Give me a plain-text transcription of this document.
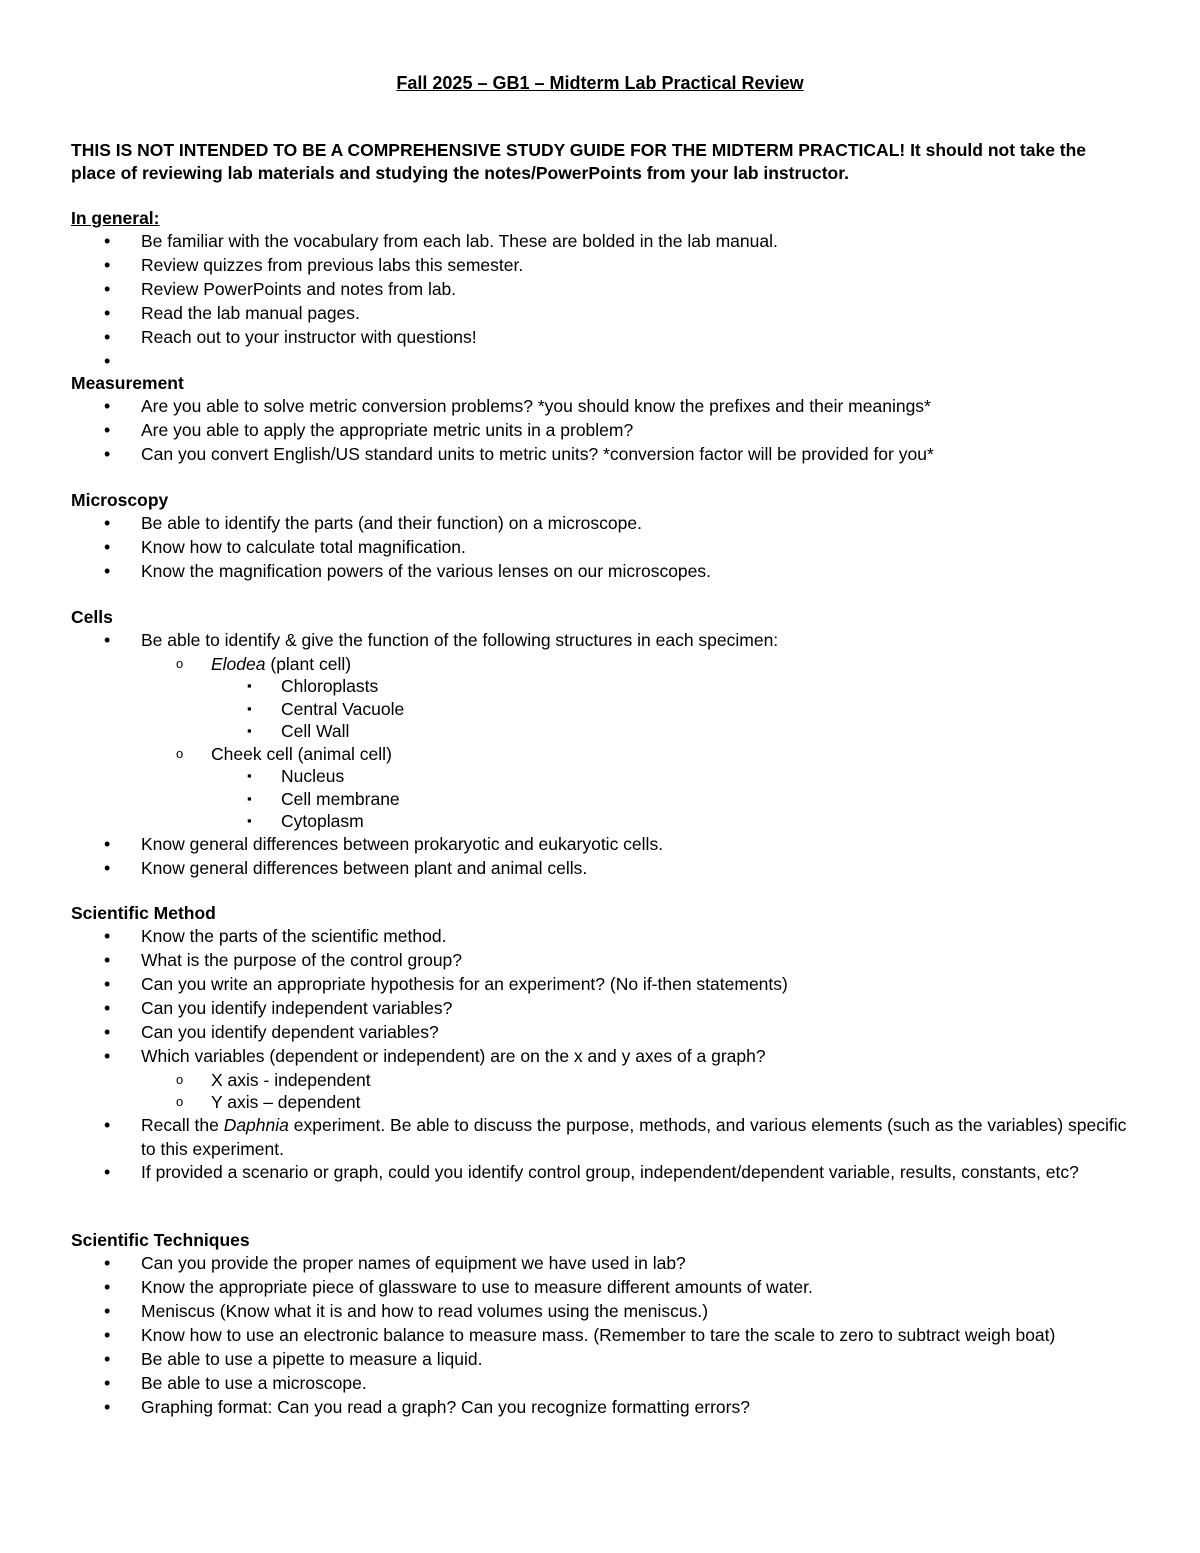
Fall 2025 – GB1 – Midterm Lab Practical Review
THIS IS NOT INTENDED TO BE A COMPREHENSIVE STUDY GUIDE FOR THE MIDTERM PRACTICAL! It should not take the place of reviewing lab materials and studying the notes/PowerPoints from your lab instructor.
In general:
• Be familiar with the vocabulary from each lab. These are bolded in the lab manual.
• Review quizzes from previous labs this semester.
• Review PowerPoints and notes from lab.
• Read the lab manual pages.
• Reach out to your instructor with questions!
•
Measurement
• Are you able to solve metric conversion problems? *you should know the prefixes and their meanings*
• Are you able to apply the appropriate metric units in a problem?
• Can you convert English/US standard units to metric units? *conversion factor will be provided for you*
Microscopy
• Be able to identify the parts (and their function) on a microscope.
• Know how to calculate total magnification.
• Know the magnification powers of the various lenses on our microscopes.
Cells
• Be able to identify & give the function of the following structures in each specimen:
o Elodea (plant cell)
▪ Chloroplasts
▪ Central Vacuole
▪ Cell Wall
o Cheek cell (animal cell)
▪ Nucleus
▪ Cell membrane
▪ Cytoplasm
• Know general differences between prokaryotic and eukaryotic cells.
• Know general differences between plant and animal cells.
Scientific Method
• Know the parts of the scientific method.
• What is the purpose of the control group?
• Can you write an appropriate hypothesis for an experiment? (No if-then statements)
• Can you identify independent variables?
• Can you identify dependent variables?
• Which variables (dependent or independent) are on the x and y axes of a graph?
o X axis - independent
o Y axis – dependent
• Recall the Daphnia experiment. Be able to discuss the purpose, methods, and various elements (such as the variables) specific to this experiment.
• If provided a scenario or graph, could you identify control group, independent/dependent variable, results, constants, etc?
Scientific Techniques
• Can you provide the proper names of equipment we have used in lab?
• Know the appropriate piece of glassware to use to measure different amounts of water.
• Meniscus (Know what it is and how to read volumes using the meniscus.)
• Know how to use an electronic balance to measure mass. (Remember to tare the scale to zero to subtract weigh boat)
• Be able to use a pipette to measure a liquid.
• Be able to use a microscope.
• Graphing format: Can you read a graph? Can you recognize formatting errors?
